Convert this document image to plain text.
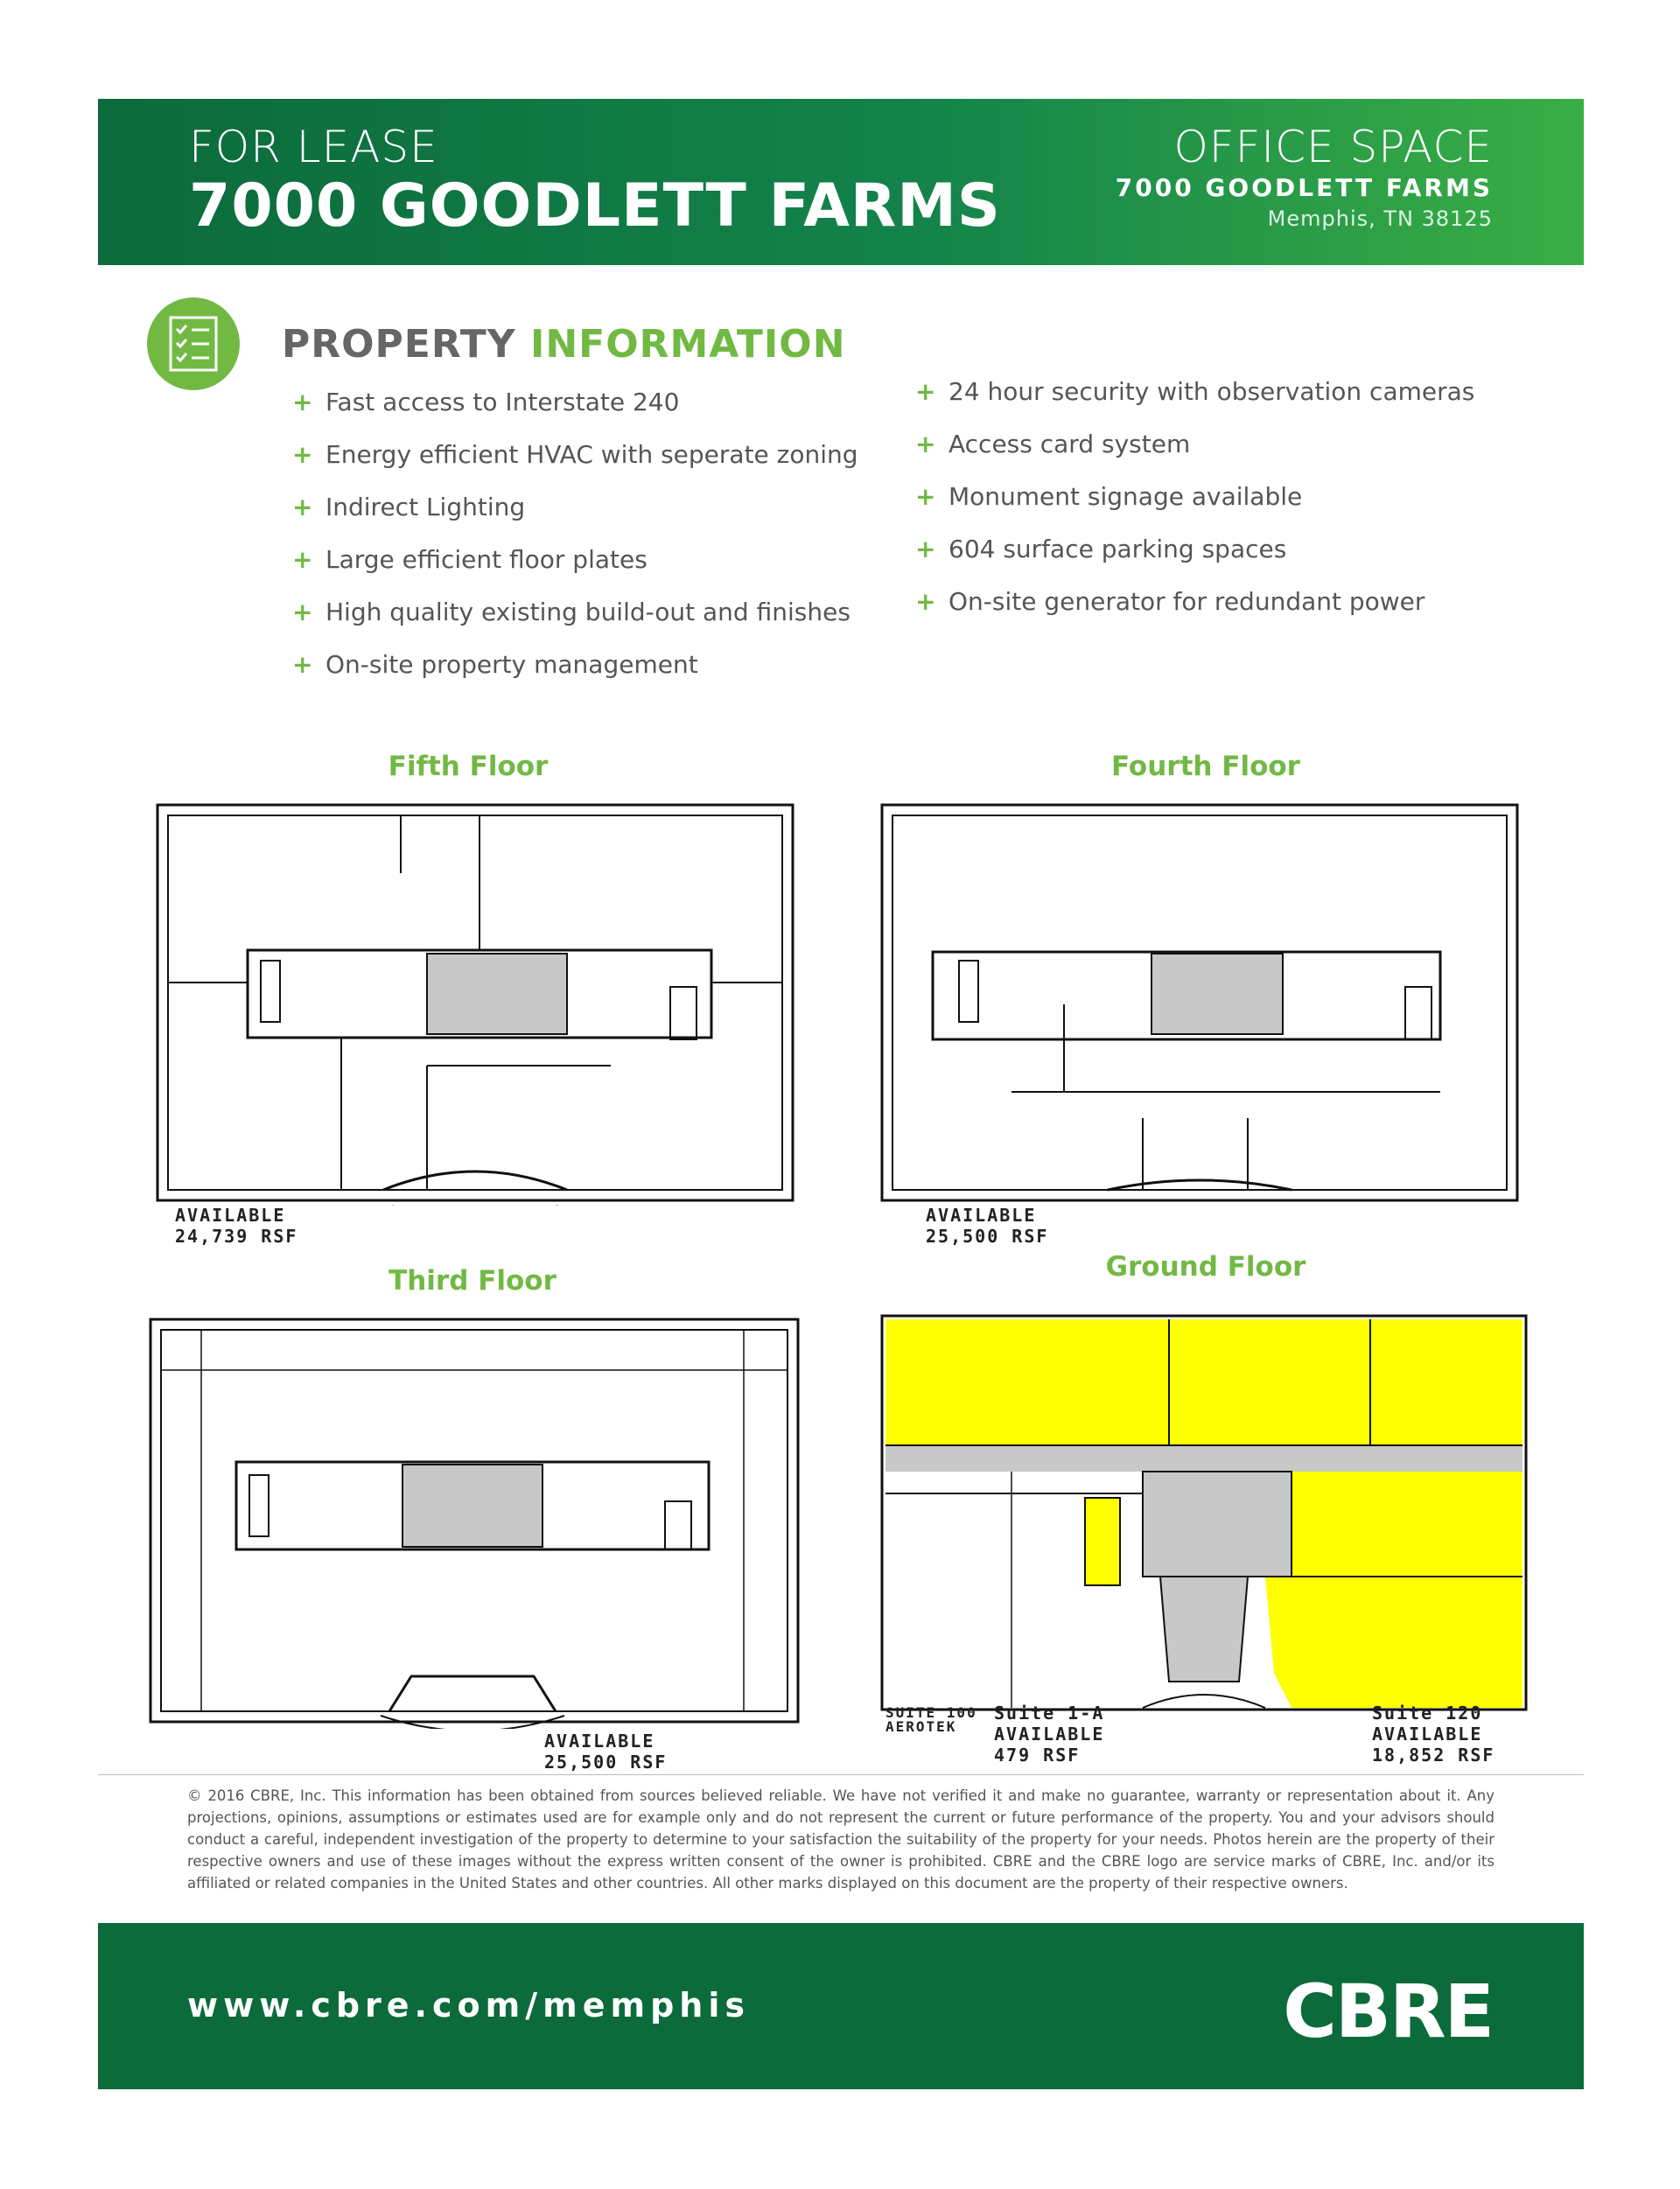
FOR LEASE
7000 GOODLETT FARMS
OFFICE SPACE
7000 GOODLETT FARMS
Memphis, TN 38125
PROPERTY INFORMATION
+ Fast access to Interstate 240
+ Energy efficient HVAC with seperate zoning
+ Indirect Lighting
+ Large efficient floor plates
+ High quality existing build-out and finishes
+ On-site property management
+ 24 hour security with observation cameras
+ Access card system
+ Monument signage available
+ 604 surface parking spaces
+ On-site generator for redundant power
Fifth Floor
AVAILABLE
24,739 RSF
Fourth Floor
AVAILABLE
25,500 RSF
Third Floor
AVAILABLE
25,500 RSF
Ground Floor
SUITE 100
AEROTEK
Suite 1-A
AVAILABLE
479 RSF
Suite 120
AVAILABLE
18,852 RSF
© 2016 CBRE, Inc. This information has been obtained from sources believed reliable. We have not verified it and make no guarantee, warranty or representation about it. Any projections, opinions, assumptions or estimates used are for example only and do not represent the current or future performance of the property. You and your advisors should conduct a careful, independent investigation of the property to determine to your satisfaction the suitability of the property for your needs. Photos herein are the property of their respective owners and use of these images without the express written consent of the owner is prohibited. CBRE and the CBRE logo are service marks of CBRE, Inc. and/or its affiliated or related companies in the United States and other countries. All other marks displayed on this document are the property of their respective owners.
www.cbre.com/memphis	CBRE
